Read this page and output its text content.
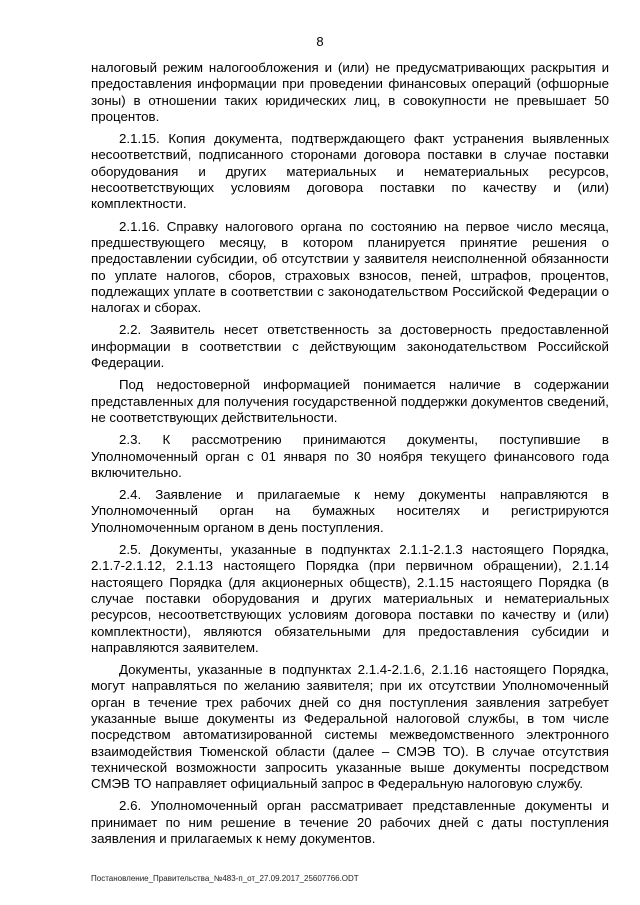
8

налоговый режим налогообложения и (или) не предусматривающих раскрытия и предоставления информации при проведении финансовых операций (офшорные зоны) в отношении таких юридических лиц, в совокупности не превышает 50 процентов.

2.1.15. Копия документа, подтверждающего факт устранения выявленных несоответствий, подписанного сторонами договора поставки в случае поставки оборудования и других материальных и нематериальных ресурсов, несоответствующих условиям договора поставки по качеству и (или) комплектности.

2.1.16. Справку налогового органа по состоянию на первое число месяца, предшествующего месяцу, в котором планируется принятие решения о предоставлении субсидии, об отсутствии у заявителя неисполненной обязанности по уплате налогов, сборов, страховых взносов, пеней, штрафов, процентов, подлежащих уплате в соответствии с законодательством Российской Федерации о налогах и сборах.

2.2. Заявитель несет ответственность за достоверность предоставленной информации в соответствии с действующим законодательством Российской Федерации.

Под недостоверной информацией понимается наличие в содержании представленных для получения государственной поддержки документов сведений, не соответствующих действительности.

2.3. К рассмотрению принимаются документы, поступившие в Уполномоченный орган с 01 января по 30 ноября текущего финансового года включительно.

2.4. Заявление и прилагаемые к нему документы направляются в Уполномоченный орган на бумажных носителях и регистрируются Уполномоченным органом в день поступления.

2.5. Документы, указанные в подпунктах 2.1.1-2.1.3 настоящего Порядка, 2.1.7-2.1.12, 2.1.13 настоящего Порядка (при первичном обращении), 2.1.14 настоящего Порядка (для акционерных обществ), 2.1.15 настоящего Порядка (в случае поставки оборудования и других материальных и нематериальных ресурсов, несоответствующих условиям договора поставки по качеству и (или) комплектности), являются обязательными для предоставления субсидии и направляются заявителем.

Документы, указанные в подпунктах 2.1.4-2.1.6, 2.1.16 настоящего Порядка, могут направляться по желанию заявителя; при их отсутствии Уполномоченный орган в течение трех рабочих дней со дня поступления заявления затребует указанные выше документы из Федеральной налоговой службы, в том числе посредством автоматизированной системы межведомственного электронного взаимодействия Тюменской области (далее – СМЭВ ТО). В случае отсутствия технической возможности запросить указанные выше документы посредством СМЭВ ТО направляет официальный запрос в Федеральную налоговую службу.

2.6. Уполномоченный орган рассматривает представленные документы и принимает по ним решение в течение 20 рабочих дней с даты поступления заявления и прилагаемых к нему документов.

Постановление_Правительства_№483-п_от_27.09.2017_25607766.ODT
